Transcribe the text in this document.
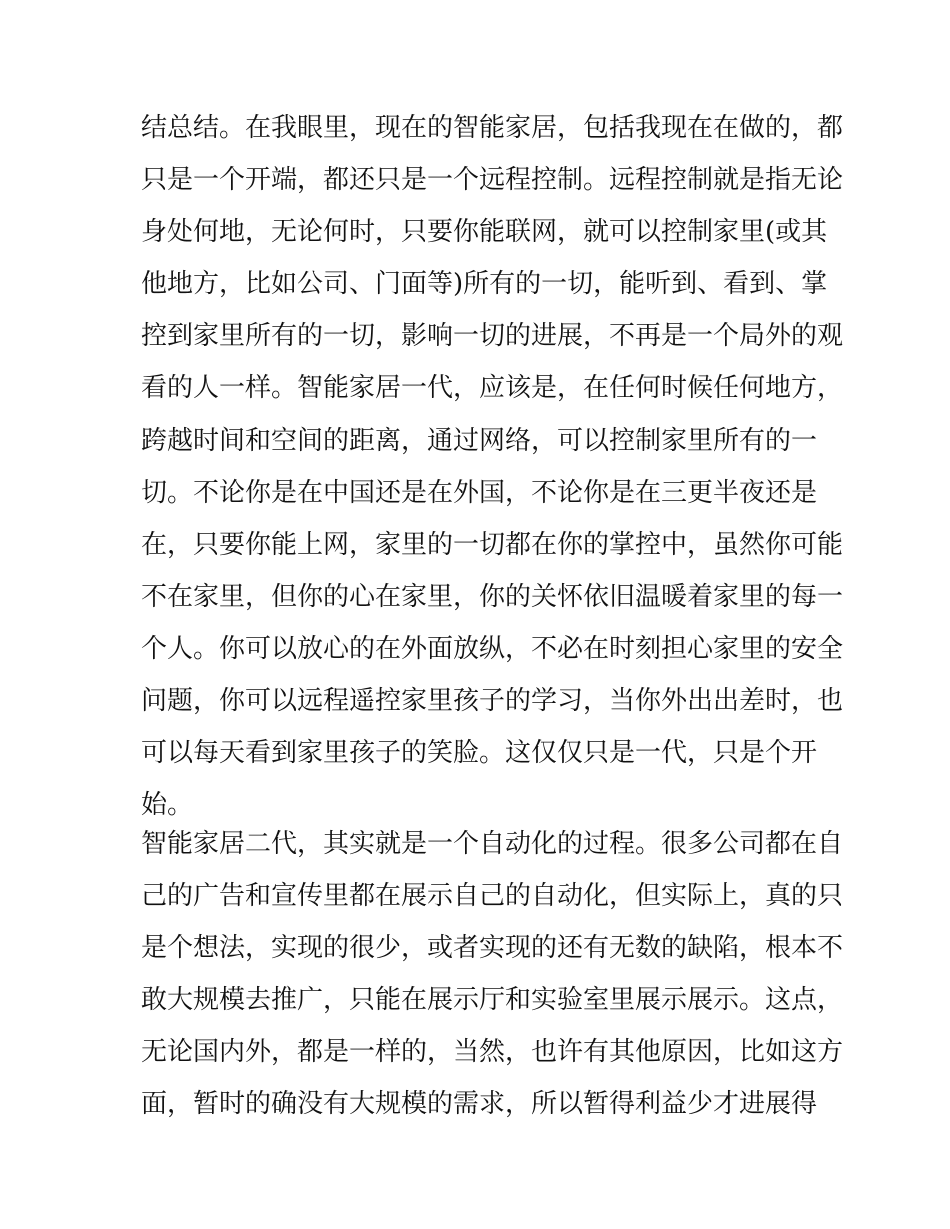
结总结。在我眼里，现在的智能家居，包括我现在在做的，都

只是一个开端，都还只是一个远程控制。远程控制就是指无论

身处何地，无论何时，只要你能联网，就可以控制家里(或其

他地方，比如公司、门面等)所有的一切，能听到、看到、掌

控到家里所有的一切，影响一切的进展，不再是一个局外的观

看的人一样。智能家居一代，应该是，在任何时候任何地方，

跨越时间和空间的距离，通过网络，可以控制家里所有的一

切。不论你是在中国还是在外国，不论你是在三更半夜还是

在，只要你能上网，家里的一切都在你的掌控中，虽然你可能

不在家里，但你的心在家里，你的关怀依旧温暖着家里的每一

个人。你可以放心的在外面放纵，不必在时刻担心家里的安全

问题，你可以远程遥控家里孩子的学习，当你外出出差时，也

可以每天看到家里孩子的笑脸。这仅仅只是一代，只是个开

始。

智能家居二代，其实就是一个自动化的过程。很多公司都在自

己的广告和宣传里都在展示自己的自动化，但实际上，真的只

是个想法，实现的很少，或者实现的还有无数的缺陷，根本不

敢大规模去推广，只能在展示厅和实验室里展示展示。这点，

无论国内外，都是一样的，当然，也许有其他原因，比如这方

面，暂时的确没有大规模的需求，所以暂得利益少才进展得
